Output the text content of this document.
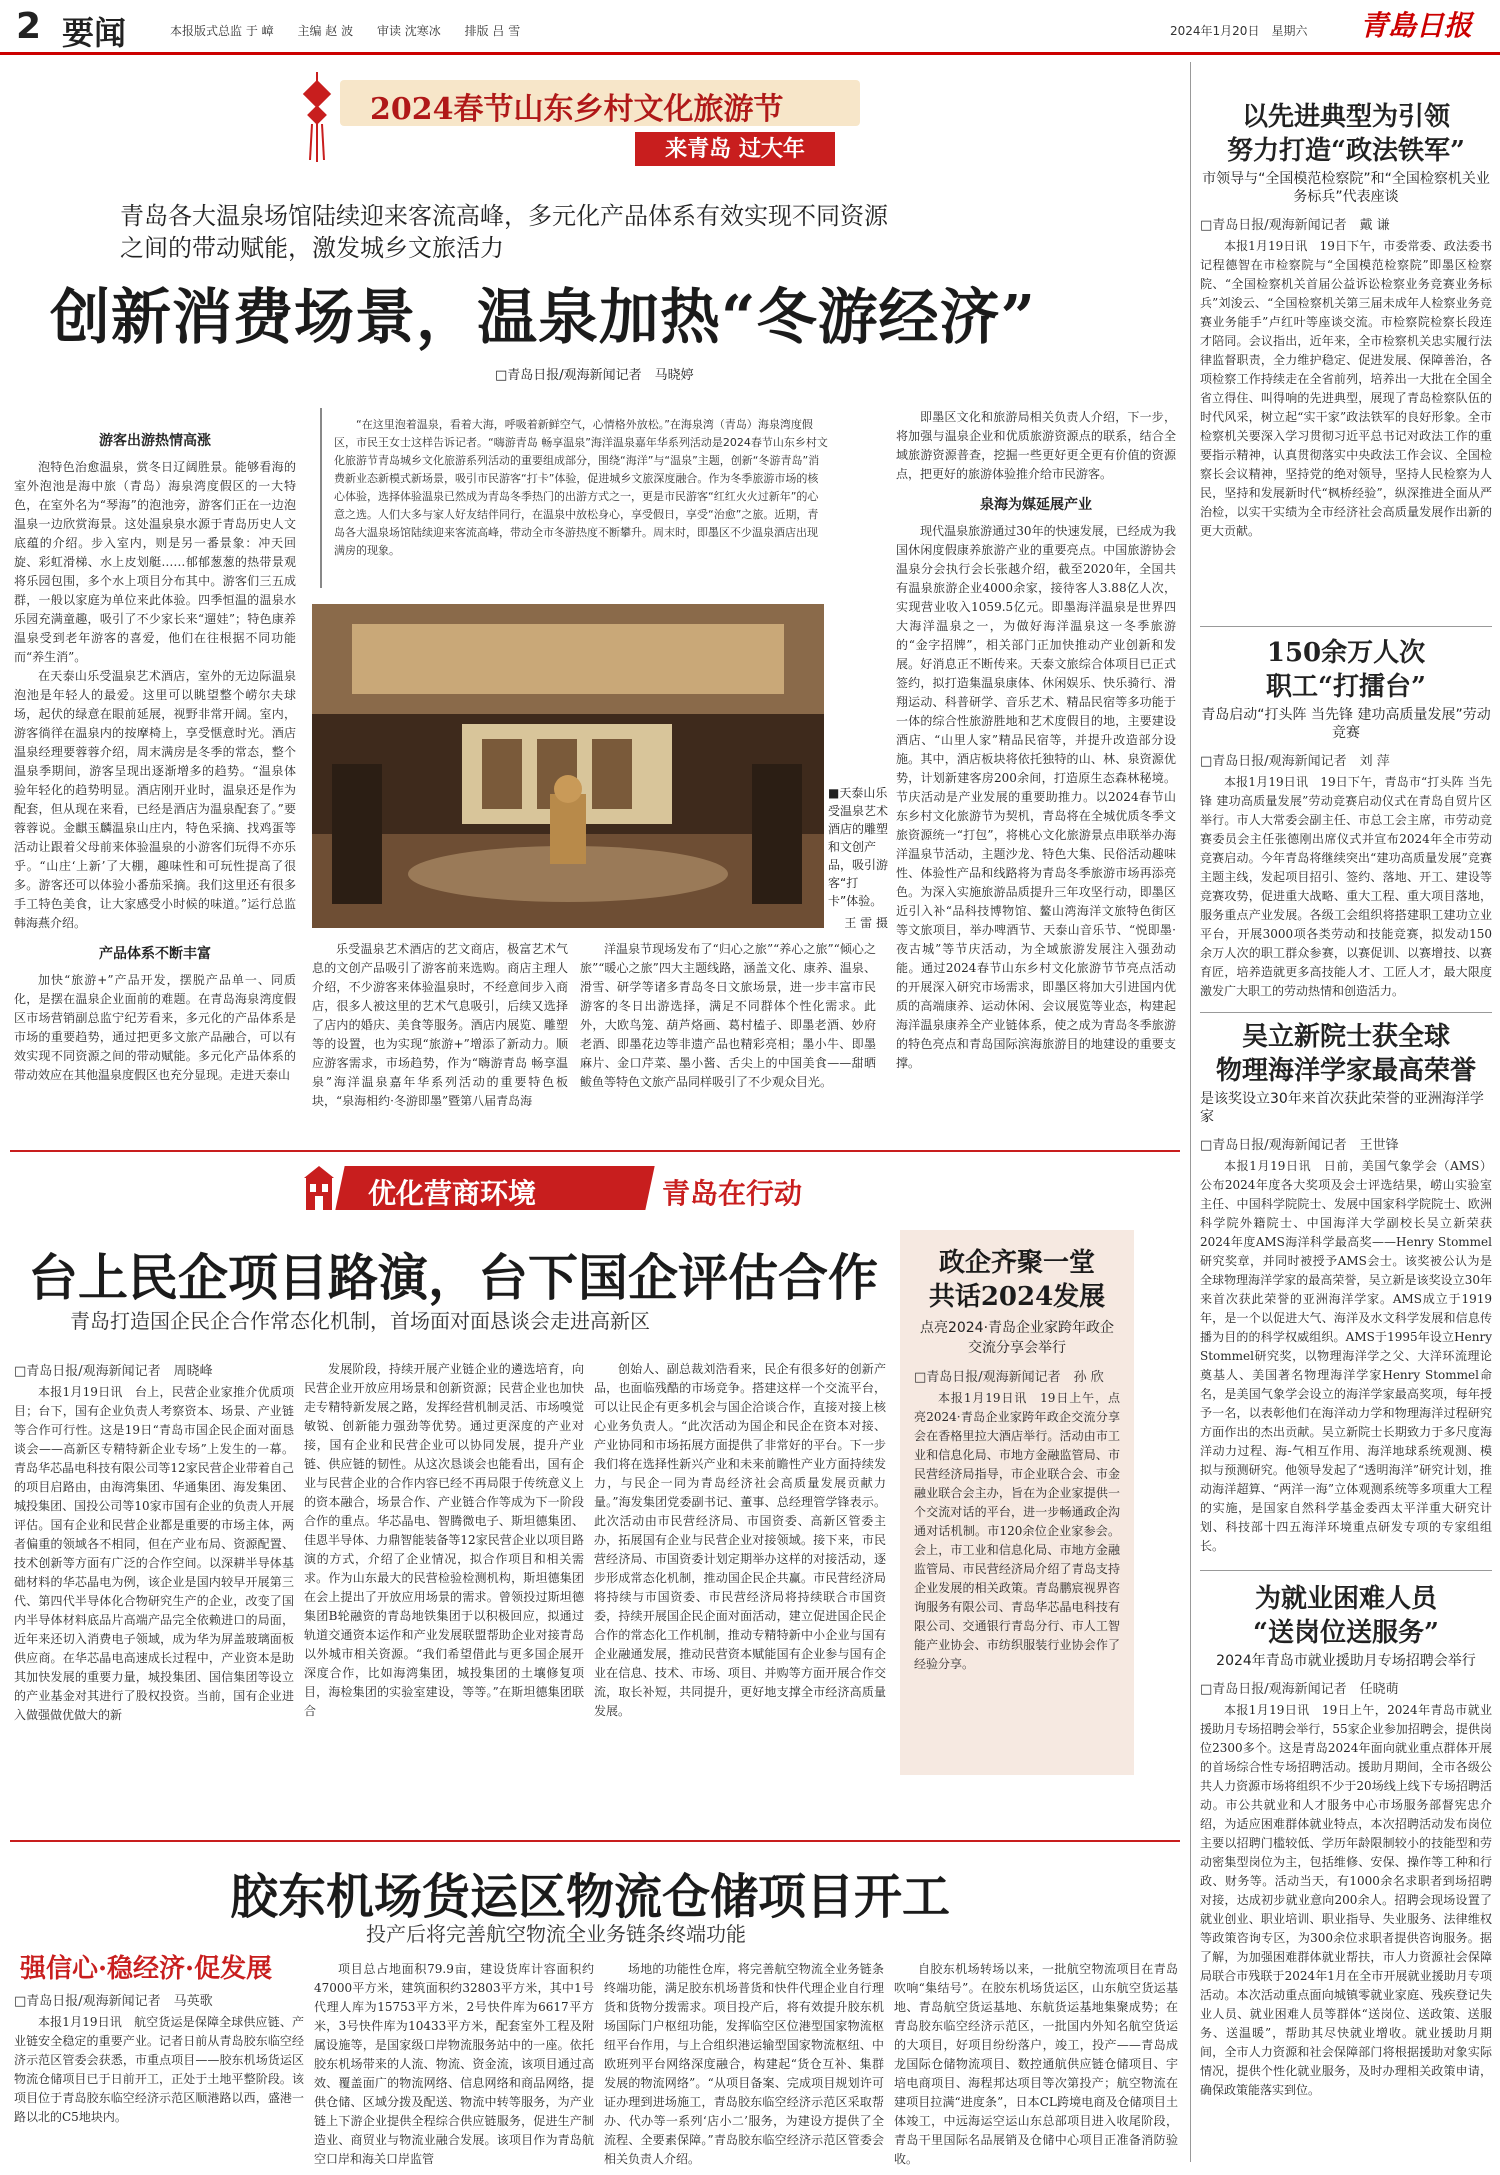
2 要闻	本报版式总监 于 嶂 主编 赵 波 审读 沈寒冰 排版 吕 雪	2024年1月20日　星期六 青島日报
2024春节山东乡村文化旅游节
来青岛 过大年
青岛各大温泉场馆陆续迎来客流高峰，多元化产品体系有效实现不同资源之间的带动赋能，激发城乡文旅活力
创新消费场景，温泉加热“冬游经济”
□青岛日报/观海新闻记者　马晓婷
“在这里泡着温泉，看着大海，呼吸着新鲜空气，心情格外放松。”在海泉湾（青岛）海泉湾度假区，市民王女士这样告诉记者。“嗨游青岛 畅享温泉”海洋温泉嘉年华系列活动是2024春节山东乡村文化旅游节青岛城乡文化旅游系列活动的重要组成部分，围绕“海洋”与“温泉”主题，创新“冬游青岛”消费新业态新模式新场景，吸引市民游客“打卡”体验，促进城乡文旅深度融合。作为冬季旅游市场的核心体验，选择体验温泉已然成为青岛冬季热门的出游方式之一，更是市民游客“红红火火过新年”的心意之选。人们大多与家人好友结伴同行，在温泉中放松身心，享受假日，享受“治愈”之旅。近期，青岛各大温泉场馆陆续迎来客流高峰，带动全市冬游热度不断攀升。周末时，即墨区不少温泉酒店出现满房的现象。
游客出游热情高涨
泡特色治愈温泉，赏冬日辽阔胜景。能够看海的室外泡池是海中旅（青岛）海泉湾度假区的一大特色，在室外名为“琴海”的泡池旁，游客们正在一边泡温泉一边欣赏海景。这处温泉泉水源于青岛历史人文底蕴的介绍。步入室内，则是另一番景象：冲天回旋、彩虹滑梯、水上皮划艇……郁郁葱葱的热带景观将乐园包围，多个水上项目分布其中。游客们三五成群，一般以家庭为单位来此体验。四季恒温的温泉水乐园充满童趣，吸引了不少家长来“遛娃”；特色康养温泉受到老年游客的喜爱，他们在往根据不同功能而“养生消”。
在天泰山乐受温泉艺术酒店，室外的无边际温泉泡池是年轻人的最爱。这里可以眺望整个崂尔夫球场，起伏的绿意在眼前延展，视野非常开阔。室内，游客徜徉在温泉内的按摩椅上，享受惬意时光。酒店温泉经理要蓉蓉介绍，周末满房是冬季的常态，整个温泉季期间，游客呈现出逐渐增多的趋势。“温泉体验年轻化的趋势明显。酒店刚开业时，温泉还是作为配套，但从现在来看，已经是酒店为温泉配套了。”要蓉蓉说。金麒玉麟温泉山庄内，特色采摘、找鸡蛋等活动让跟着父母前来体验温泉的小游客们玩得不亦乐乎。“山庄‘上新’了大棚，趣味性和可玩性提高了很多。游客还可以体验小番茄采摘。我们这里还有很多手工特色美食，让大家感受小时候的味道。”运行总监韩海燕介绍。
产品体系不断丰富
加快“旅游+”产品开发，摆脱产品单一、同质化，是摆在温泉企业面前的难题。在青岛海泉湾度假区市场营销副总监宁纪芳看来，多元化的产品体系是市场的重要趋势，通过把更多文旅产品融合，可以有效实现不同资源之间的带动赋能。多元化产品体系的带动效应在其他温泉度假区也充分显现。走进天泰山
■天泰山乐受温泉艺术酒店的雕塑和文创产品，吸引游客“打卡”体验。
王 雷 摄
乐受温泉艺术酒店的艺文商店，极富艺术气息的文创产品吸引了游客前来选购。商店主理人介绍，不少游客来体验温泉时，不经意间步入商店，很多人被这里的艺术气息吸引，后续又选择了店内的婚庆、美食等服务。酒店内展览、雕塑等的设置，也为实现“旅游+”增添了新动力。顺应游客需求，市场趋势，作为“嗨游青岛 畅享温泉”海洋温泉嘉年华系列活动的重要特色板块，“泉海相约·冬游即墨”暨第八届青岛海
洋温泉节现场发布了“归心之旅”“养心之旅”“倾心之旅”“暖心之旅”四大主题线路，涵盖文化、康养、温泉、滑雪、研学等诸多青岛冬日文旅场景，进一步丰富市民游客的冬日出游选择，满足不同群体个性化需求。此外，大欧鸟笼、葫芦烙画、葛村榼子、即墨老酒、妙府老酒、即墨花边等非遗产品也精彩亮相；墨小牛、即墨麻片、金口芹菜、墨小酱、舌尖上的中国美食——甜晒鲅鱼等特色文旅产品同样吸引了不少观众目光。
即墨区文化和旅游局相关负责人介绍，下一步，将加强与温泉企业和优质旅游资源点的联系，结合全域旅游资源普查，挖掘一些更好更全更有价值的资源点，把更好的旅游体验推介给市民游客。
泉海为媒延展产业
现代温泉旅游通过30年的快速发展，已经成为我国休闲度假康养旅游产业的重要亮点。中国旅游协会温泉分会执行会长张越介绍，截至2020年，全国共有温泉旅游企业4000余家，接待客人3.88亿人次，实现营业收入1059.5亿元。即墨海洋温泉是世界四大海洋温泉之一，为做好海洋温泉这一冬季旅游的“金字招牌”，相关部门正加快推动产业创新和发展。好消息正不断传来。天泰文旅综合体项目已正式签约，拟打造集温泉康体、休闲娱乐、快乐骑行、滑翔运动、科普研学、音乐艺术、精品民宿等多功能于一体的综合性旅游胜地和艺术度假目的地，主要建设酒店、“山里人家”精品民宿等，并提升改造部分设施。其中，酒店板块将依托独特的山、林、泉资源优势，计划新建客房200余间，打造原生态森林秘境。节庆活动是产业发展的重要助推力。以2024春节山东乡村文化旅游节为契机，青岛将在全城优质冬季文旅资源统一“打包”，将桃心文化旅游景点串联举办海洋温泉节活动，主题沙龙、特色大集、民俗活动趣味性、体验性产品和线路将为青岛冬季旅游市场再添亮色。为深入实施旅游品质提升三年攻坚行动，即墨区近引入补“品科技博物馆、鳌山湾海洋文旅特色街区等文旅项目，举办啤酒节、天泰山音乐节、“悦即墨·夜古城”等节庆活动，为全域旅游发展注入强劲动能。通过2024春节山东乡村文化旅游节节亮点活动的开展深入研究市场需求，即墨区将加大引进国内优质的高端康养、运动休闲、会议展览等业态，构建起海洋温泉康养全产业链体系，使之成为青岛冬季旅游的特色亮点和青岛国际滨海旅游目的地建设的重要支撑。
以先进典型为引领
努力打造“政法铁军”
市领导与“全国模范检察院”和“全国检察机关业务标兵”代表座谈
□青岛日报/观海新闻记者　戴 谦
本报1月19日讯　19日下午，市委常委、政法委书记程德智在市检察院与“全国模范检察院”即墨区检察院、“全国检察机关首届公益诉讼检察业务竞赛业务标兵”刘浚云、“全国检察机关第三届未成年人检察业务竞赛业务能手”卢红叶等座谈交流。市检察院检察长段连才陪同。会议指出，近年来，全市检察机关忠实履行法律监督职责，全力维护稳定、促进发展、保障善治，各项检察工作持续走在全省前列，培养出一大批在全国全省立得住、叫得响的先进典型，展现了青岛检察队伍的时代风采，树立起“实干家”政法铁军的良好形象。全市检察机关要深入学习贯彻习近平总书记对政法工作的重要指示精神，认真贯彻落实中央政法工作会议、全国检察长会议精神，坚持党的绝对领导，坚持人民检察为人民，坚持和发展新时代“枫桥经验”，纵深推进全面从严治检，以实干实绩为全市经济社会高质量发展作出新的更大贡献。
150余万人次
职工“打擂台”
青岛启动“打头阵 当先锋 建功高质量发展”劳动竞赛
□青岛日报/观海新闻记者　刘 萍
本报1月19日讯　19日下午，青岛市“打头阵 当先锋 建功高质量发展”劳动竞赛启动仪式在青岛自贸片区举行。市人大常委会副主任、市总工会主席，市劳动竞赛委员会主任张德刚出席仪式并宣布2024年全市劳动竞赛启动。今年青岛将继续突出“建功高质量发展”竞赛主题主线，发起项目招引、签约、落地、开工、建设等竞赛攻势，促进重大战略、重大工程、重大项目落地，服务重点产业发展。各级工会组织将搭建职工建功立业平台，开展3000项各类劳动和技能竞赛，拟发动150余万人次的职工群众参赛，以赛促训、以赛增技、以赛育匠，培养造就更多高技能人才、工匠人才，最大限度激发广大职工的劳动热情和创造活力。
吴立新院士获全球
物理海洋学家最高荣誉
是该奖设立30年来首次获此荣誉的亚洲海洋学家
□青岛日报/观海新闻记者　王世锋
本报1月19日讯　日前，美国气象学会（AMS）公布2024年度各大奖项及会士评选结果，崂山实验室主任、中国科学院院士、发展中国家科学院院士、欧洲科学院外籍院士、中国海洋大学副校长吴立新荣获2024年度AMS海洋科学最高奖——Henry Stommel研究奖章，并同时被授予AMS会士。该奖被公认为是全球物理海洋学家的最高荣誉，吴立新是该奖设立30年来首次获此荣誉的亚洲海洋学家。AMS成立于1919年，是一个以促进大气、海洋及水文科学发展和信息传播为目的的科学权威组织。AMS于1995年设立Henry Stommel研究奖，以物理海洋学之父、大洋环流理论奠基人、美国著名物理海洋学家Henry Stommel命名，是美国气象学会设立的海洋学家最高奖项，每年授予一名，以表彰他们在海洋动力学和物理海洋过程研究方面作出的杰出贡献。吴立新院士长期致力于多尺度海洋动力过程、海-气相互作用、海洋地球系统观测、模拟与预测研究。他领导发起了“透明海洋”研究计划，推动海洋超算、“两洋一海”立体观测系统等多项重大工程的实施，是国家自然科学基金委西太平洋重大研究计划、科技部十四五海洋环境重点研发专项的专家组组长。
为就业困难人员
“送岗位送服务”
2024年青岛市就业援助月专场招聘会举行
□青岛日报/观海新闻记者　任晓萌
本报1月19日讯　19日上午，2024年青岛市就业援助月专场招聘会举行，55家企业参加招聘会，提供岗位2300多个。这是青岛2024年面向就业重点群体开展的首场综合性专场招聘活动。援助月期间，全市各级公共人力资源市场将组织不少于20场线上线下专场招聘活动。市公共就业和人才服务中心市场服务部督宪忠介绍，为适应困难群体就业特点，本次招聘活动发布岗位主要以招聘门槛较低、学历年龄限制较小的技能型和劳动密集型岗位为主，包括维修、安保、操作等工种和行政、财务等。活动当天，有1000余名求职者到场招聘对接，达成初步就业意向200余人。招聘会现场设置了就业创业、职业培训、职业指导、失业服务、法律维权等政策咨询专区，为300余位求职者提供咨询服务。据了解，为加强困难群体就业帮扶，市人力资源社会保障局联合市残联于2024年1月在全市开展就业援助月专项活动。本次活动重点面向城镇零就业家庭、残疾登记失业人员、就业困难人员等群体“送岗位、送政策、送服务、送温暖”，帮助其尽快就业增收。就业援助月期间，全市人力资源和社会保障部门将根据援助对象实际情况，提供个性化就业服务，及时办理相关政策申请，确保政策能落实到位。
优化营商环境	青岛在行动
台上民企项目路演，台下国企评估合作
青岛打造国企民企合作常态化机制，首场面对面恳谈会走进高新区
□青岛日报/观海新闻记者　周晓峰
本报1月19日讯　台上，民营企业家推介优质项目；台下，国有企业负责人考察资本、场景、产业链等合作可行性。这是19日“青岛市国企民企面对面恳谈会——高新区专精特新企业专场”上发生的一幕。青岛华芯晶电科技有限公司等12家民营企业带着自己的项目启路由，由海湾集团、华通集团、海发集团、城投集团、国投公司等10家市国有企业的负责人开展评估。国有企业和民营企业都是重要的市场主体，两者偏重的领域各不相同，但在产业布局、资源配置、技术创新等方面有广泛的合作空间。以深耕半导体基础材料的华芯晶电为例，该企业是国内较早开展第三代、第四代半导体化合物研究生产的企业，改变了国内半导体材料底品片高端产品完全依赖进口的局面，近年来还切入消费电子领域，成为华为屏盖玻璃面板供应商。在华芯晶电高速成长过程中，产业资本是助其加快发展的重要力量，城投集团、国信集团等设立的产业基金对其进行了股权投资。当前，国有企业进入做强做优做大的新
发展阶段，持续开展产业链企业的遴选培育，向民营企业开放应用场景和创新资源；民营企业也加快走专精特新发展之路，发挥经营机制灵活、市场嗅觉敏锐、创新能力强劲等优势。通过更深度的产业对接，国有企业和民营企业可以协同发展，提升产业链、供应链的韧性。从这次恳谈会也能看出，国有企业与民营企业的合作内容已经不再局限于传统意义上的资本融合，场景合作、产业链合作等成为下一阶段合作的重点。华芯晶电、智腾微电子、斯坦德集团、佳恩半导体、力鼎智能装备等12家民营企业以项目路演的方式，介绍了企业情况，拟合作项目和相关需求。作为山东最大的民营检验检测机构，斯坦德集团在会上提出了开放应用场景的需求。曾领投过斯坦德集团B轮融资的青岛地铁集团于以积极回应，拟通过轨道交通资本运作和产业发展联盟帮助企业对接青岛以外城市相关资源。“我们希望借此与更多国企展开深度合作，比如海湾集团，城投集团的土壤修复项目，海检集团的实验室建设，等等。”在斯坦德集团联合
创始人、副总裁刘浩看来，民企有很多好的创新产品，也面临残酷的市场竞争。搭建这样一个交流平台，可以让民企有更多机会与国企洽谈合作，直接对接上核心业务负责人。“此次活动为国企和民企在资本对接、产业协同和市场拓展方面提供了非常好的平台。下一步我们将在选择性新兴产业和未来前瞻性产业方面持续发力，与民企一同为青岛经济社会高质量发展贡献力量。”海发集团党委副书记、董事、总经理管学锋表示。此次活动由市民营经济局、市国资委、高新区管委主办，拓展国有企业与民营企业对接领域。接下来，市民营经济局、市国资委计划定期举办这样的对接活动，逐步形成常态化机制，推动国企民企共赢。市民营经济局将持续与市国资委、市民营经济局将持续联合市国资委，持续开展国企民企面对面活动，建立促进国企民企合作的常态化工作机制，推动专精特新中小企业与国有企业融通发展，推动民营资本赋能国有企业参与国有企业在信息、技术、市场、项目、并购等方面开展合作交流，取长补短，共同提升，更好地支撑全市经济高质量发展。
政企齐聚一堂
共话2024发展
点亮2024·青岛企业家跨年政企交流分享会举行
□青岛日报/观海新闻记者　孙 欣
本报1月19日讯　19日上午，点亮2024·青岛企业家跨年政企交流分享会在香格里拉大酒店举行。活动由市工业和信息化局、市地方金融监管局、市民营经济局指导，市企业联合会、市金融业联合会主办，旨在为企业家提供一个交流对话的平台，进一步畅通政企沟通对话机制。市120余位企业家参会。会上，市工业和信息化局、市地方金融监管局、市民营经济局介绍了青岛支持企业发展的相关政策。青岛鹏宸视界咨询服务有限公司、青岛华芯晶电科技有限公司、交通银行青岛分行、市人工智能产业协会、市纺织服装行业协会作了经验分享。
胶东机场货运区物流仓储项目开工
投产后将完善航空物流全业务链条终端功能
强信心·稳经济·促发展
□青岛日报/观海新闻记者　马英歌
本报1月19日讯　航空货运是保障全球供应链、产业链安全稳定的重要产业。记者日前从青岛胶东临空经济示范区管委会获悉，市重点项目——胶东机场货运区物流仓储项目已于日前开工，正处于土地平整阶段。该项目位于青岛胶东临空经济示范区顺港路以西，盛港一路以北的C5地块内。
项目总占地面积79.9亩，建设货库计容面积约47000平方米，建筑面积约32803平方米，其中1号代理人库为15753平方米，2号快件库为6617平方米，3号快件库为10433平方米，配套室外工程及附属设施等，是国家级口岸物流服务站中的一座。依托胶东机场带来的人流、物流、资金流，该项目通过高效、覆盖面广的物流网络、信息网络和商品网络，提供仓储、区域分拨及配送、物流中转等服务，为产业链上下游企业提供全程综合供应链服务，促进生产制造业、商贸业与物流业融合发展。该项目作为青岛航空口岸和海关口岸监管
场地的功能性仓库，将完善航空物流全业务链条终端功能，满足胶东机场普货和快件代理企业自行理货和货物分拨需求。项目投产后，将有效提升胶东机场国际门户枢纽功能，发挥临空区位港型国家物流枢纽平台作用，与上合组织港运输型国家物流枢纽、中欧班列平台网络深度融合，构建起“货仓互补、集群发展的物流网络”。“从项目备案、完成项目规划许可证办理到进场施工，青岛胶东临空经济示范区采取帮办、代办等一系列‘店小二’服务，为建设方提供了全流程、全要素保障。”青岛胶东临空经济示范区管委会相关负责人介绍。
自胶东机场转场以来，一批航空物流项目在青岛吹响“集结号”。在胶东机场货运区，山东航空货运基地、青岛航空货运基地、东航货运基地集聚成势；在青岛胶东临空经济示范区，一批国内外知名航空货运的大项目，好项目纷纷落户，竣工，投产——青岛成龙国际仓储物流项目、数控通航供应链仓储项目、宇培电商项目、海程邦达项目等次第投产；航空物流在建项目拉满“进度条”，日本CL跨境电商及仓储项目土体竣工，中远海运空运山东总部项目进入收尾阶段，青岛干里国际名品展销及仓储中心项目正准备消防验收。
